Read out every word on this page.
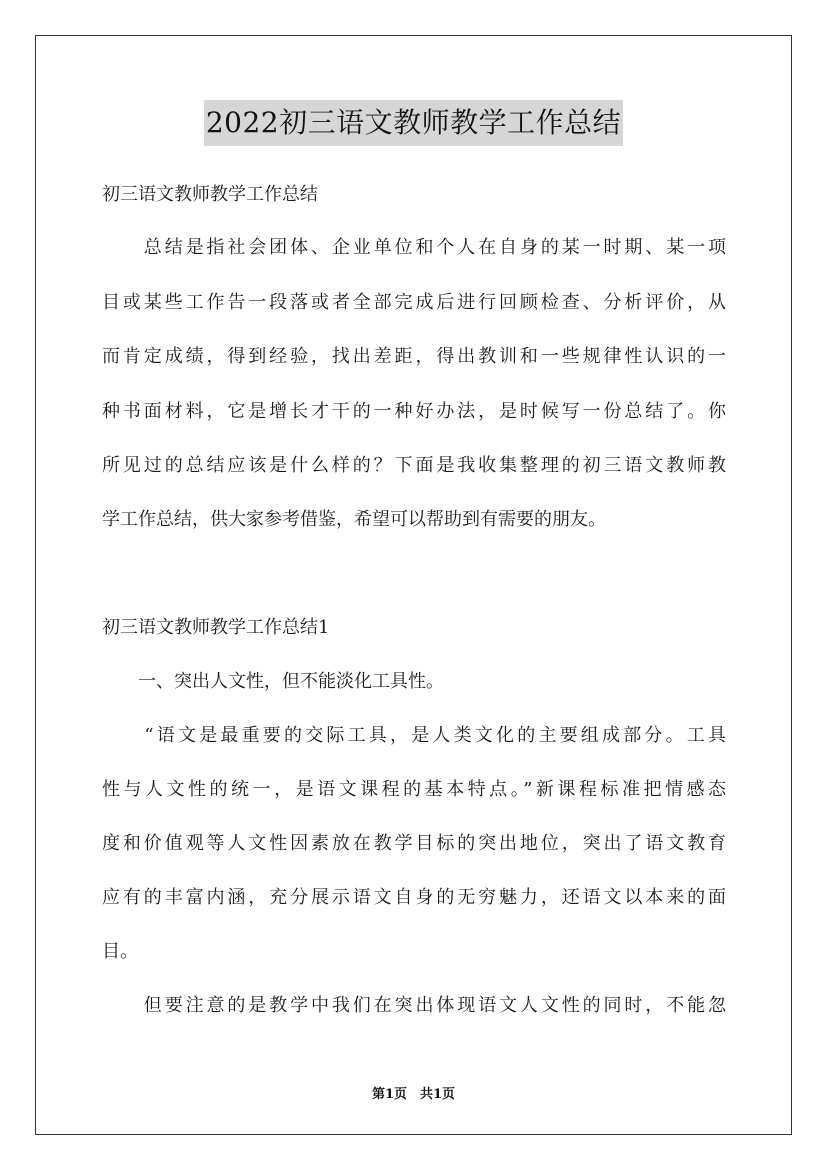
2022初三语文教师教学工作总结
初三语文教师教学工作总结
　　总结是指社会团体、企业单位和个人在自身的某一时期、某一项
目或某些工作告一段落或者全部完成后进行回顾检查、分析评价，从
而肯定成绩，得到经验，找出差距，得出教训和一些规律性认识的一
种书面材料，它是增长才干的一种好办法，是时候写一份总结了。你
所见过的总结应该是什么样的？下面是我收集整理的初三语文教师教
学工作总结，供大家参考借鉴，希望可以帮助到有需要的朋友。
初三语文教师教学工作总结1
　　一、突出人文性，但不能淡化工具性。
　　“语文是最重要的交际工具，是人类文化的主要组成部分。工具
性与人文性的统一，是语文课程的基本特点。”新课程标准把情感态
度和价值观等人文性因素放在教学目标的突出地位，突出了语文教育
应有的丰富内涵，充分展示语文自身的无穷魅力，还语文以本来的面
目。
　　但要注意的是教学中我们在突出体现语文人文性的同时，不能忽
第1页　共1页
